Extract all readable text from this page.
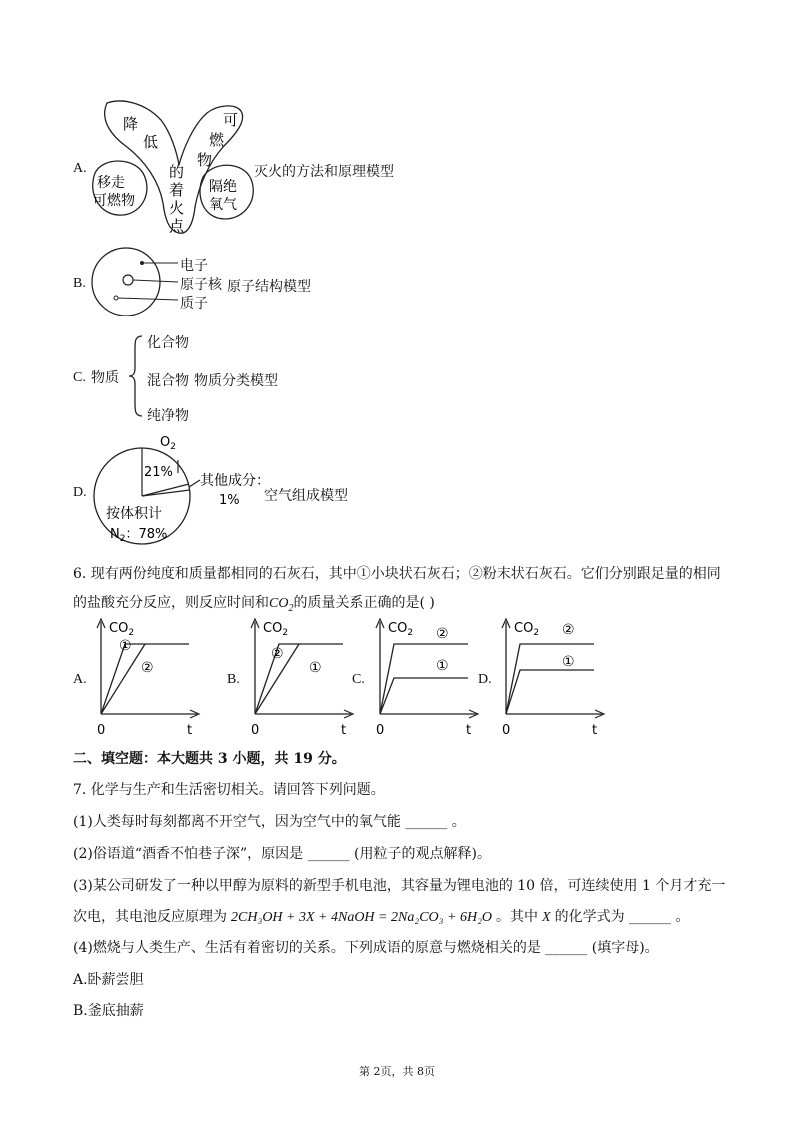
A.
降
低
的
着
火
点
可
燃
物
移走
可燃物
隔绝
氧气
灭火的方法和原理模型
B.
电子
原子核
质子
原子结构模型
C. 物质
化合物
混合物 物质分类模型
纯净物
D.
$O_2$
21%
其他成分：
1%
按体积计
$N_2$：78%
空气组成模型
6. 现有两份纯度和质量都相同的石灰石，其中①小块状石灰石；②粉末状石灰石。它们分别跟足量的相同
的盐酸充分反应，则反应时间和$CO_2$的质量关系正确的是( )
A.
$CO_2$
0	t
①
②
B.
$CO_2$
0	t
②
①
C.
$CO_2$
0	t
②
①
D.
$CO_2$
0	t
②
①
二、填空题：本大题共 3 小题，共 19 分。
7. 化学与生产和生活密切相关。请回答下列问题。
(1)人类每时每刻都离不开空气，因为空气中的氧气能 ______ 。
(2)俗语道“酒香不怕巷子深”，原因是 ______ (用粒子的观点解释)。
(3)某公司研发了一种以甲醇为原料的新型手机电池，其容量为锂电池的 10 倍，可连续使用 1 个月才充一
次电，其电池反应原理为 2CH₃OH + 3X + 4NaOH = 2Na₂CO₃ + 6H₂O 。其中 X 的化学式为 ______ 。
(4)燃烧与人类生产、生活有着密切的关系。下列成语的原意与燃烧相关的是 ______ (填字母)。
A.卧薪尝胆
B.釜底抽薪
第 2页，共 8页
